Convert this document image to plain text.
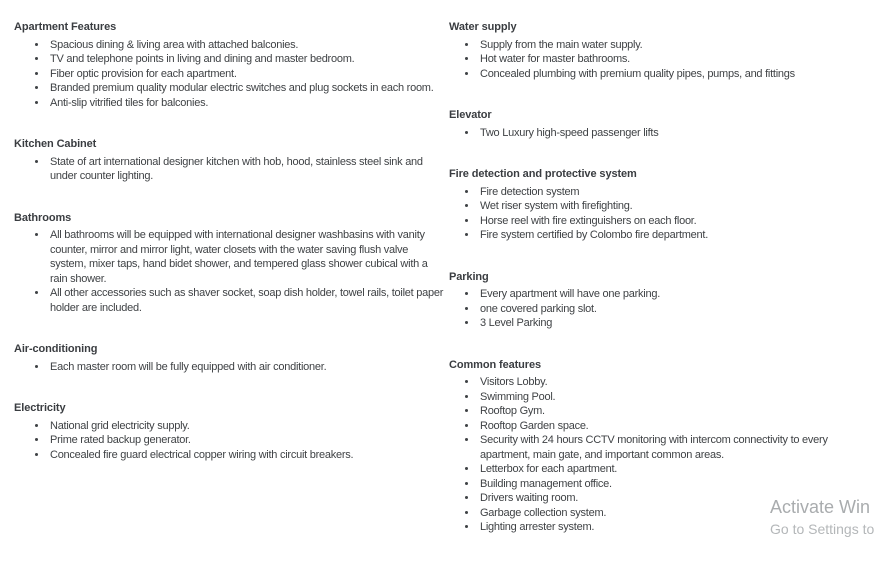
Apartment Features
• Spacious dining & living area with attached balconies.
• TV and telephone points in living and dining and master bedroom.
• Fiber optic provision for each apartment.
• Branded premium quality modular electric switches and plug sockets in each room.
• Anti-slip vitrified tiles for balconies.
Kitchen Cabinet
• State of art international designer kitchen with hob, hood, stainless steel sink and under counter lighting.
Bathrooms
• All bathrooms will be equipped with international designer washbasins with vanity counter, mirror and mirror light, water closets with the water saving flush valve system, mixer taps, hand bidet shower, and tempered glass shower cubical with a rain shower.
• All other accessories such as shaver socket, soap dish holder, towel rails, toilet paper holder are included.
Air-conditioning
• Each master room will be fully equipped with air conditioner.
Electricity
• National grid electricity supply.
• Prime rated backup generator.
• Concealed fire guard electrical copper wiring with circuit breakers.
Water supply
• Supply from the main water supply.
• Hot water for master bathrooms.
• Concealed plumbing with premium quality pipes, pumps, and fittings
Elevator
• Two Luxury high-speed passenger lifts
Fire detection and protective system
• Fire detection system
• Wet riser system with firefighting.
• Horse reel with fire extinguishers on each floor.
• Fire system certified by Colombo fire department.
Parking
• Every apartment will have one parking.
• one covered parking slot.
• 3 Level Parking
Common features
• Visitors Lobby.
• Swimming Pool.
• Rooftop Gym.
• Rooftop Garden space.
• Security with 24 hours CCTV monitoring with intercom connectivity to every apartment, main gate, and important common areas.
• Letterbox for each apartment.
• Building management office.
• Drivers waiting room.
• Garbage collection system.
• Lighting arrester system.
Activate Win
Go to Settings to
